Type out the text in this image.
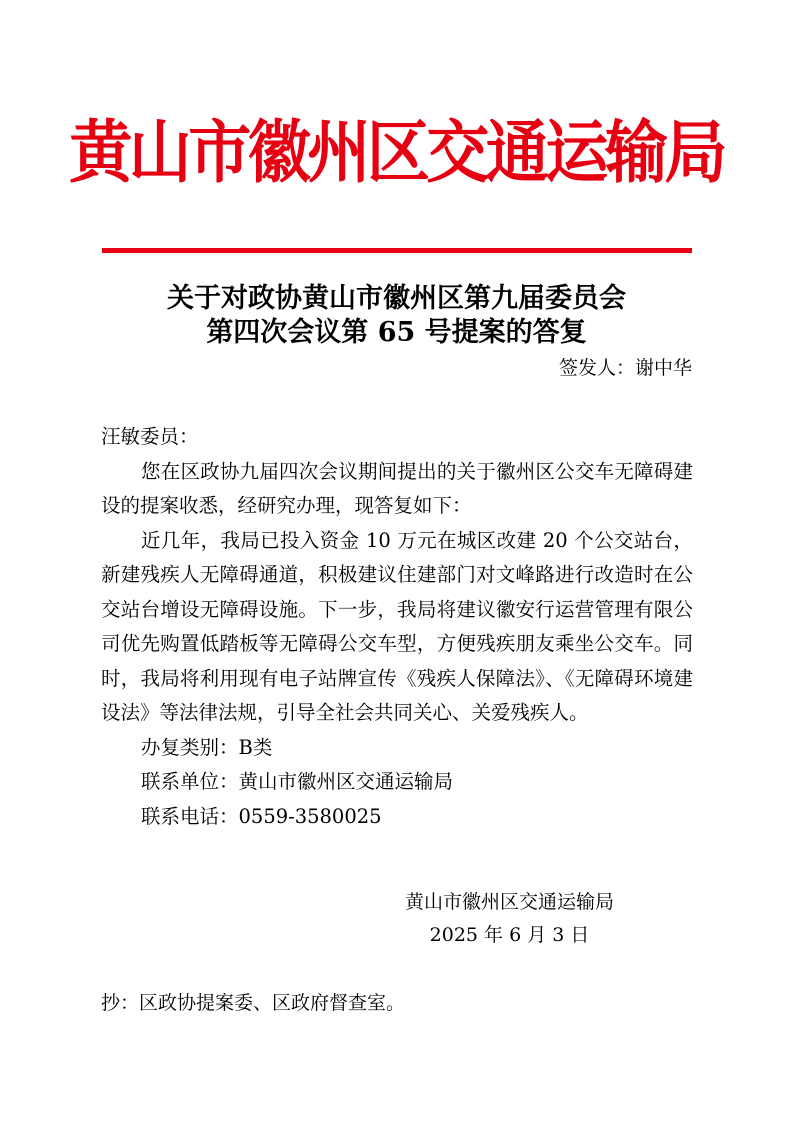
黄山市徽州区交通运输局
关于对政协黄山市徽州区第九届委员会
第四次会议第 65 号提案的答复
签发人：谢中华

汪敏委员：

您在区政协九届四次会议期间提出的关于徽州区公交车无障碍建设的提案收悉，经研究办理，现答复如下：

近几年，我局已投入资金 10 万元在城区改建 20 个公交站台，新建残疾人无障碍通道，积极建议住建部门对文峰路进行改造时在公交站台增设无障碍设施。下一步，我局将建议徽安行运营管理有限公司优先购置低踏板等无障碍公交车型，方便残疾朋友乘坐公交车。同时，我局将利用现有电子站牌宣传《残疾人保障法》、《无障碍环境建设法》等法律法规，引导全社会共同关心、关爱残疾人。

办复类别：B类

联系单位：黄山市徽州区交通运输局

联系电话：0559-3580025

黄山市徽州区交通运输局
2025 年 6 月 3 日
抄：区政协提案委、区政府督查室。
